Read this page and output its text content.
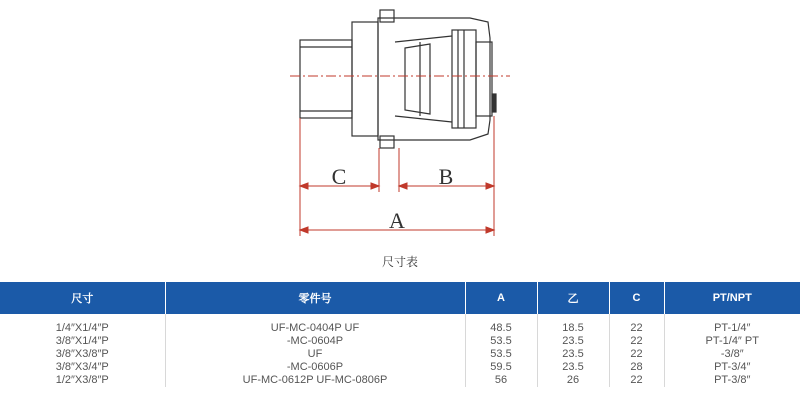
C	B
A
尺寸表
尺寸	零件号	A	乙	C	PT/NPT
1/4″X1/4″P	UF-MC-0404P UF	48.5	18.5	22	PT-1/4″
3/8″X1/4″P	-MC-0604P	53.5	23.5	22	PT-1/4″ PT
3/8″X3/8″P	UF	53.5	23.5	22	-3/8″
3/8″X3/4″P	-MC-0606P	59.5	23.5	28	PT-3/4″
1/2″X3/8″P	UF-MC-0612P UF-MC-0806P	56	26	22	PT-3/8″
